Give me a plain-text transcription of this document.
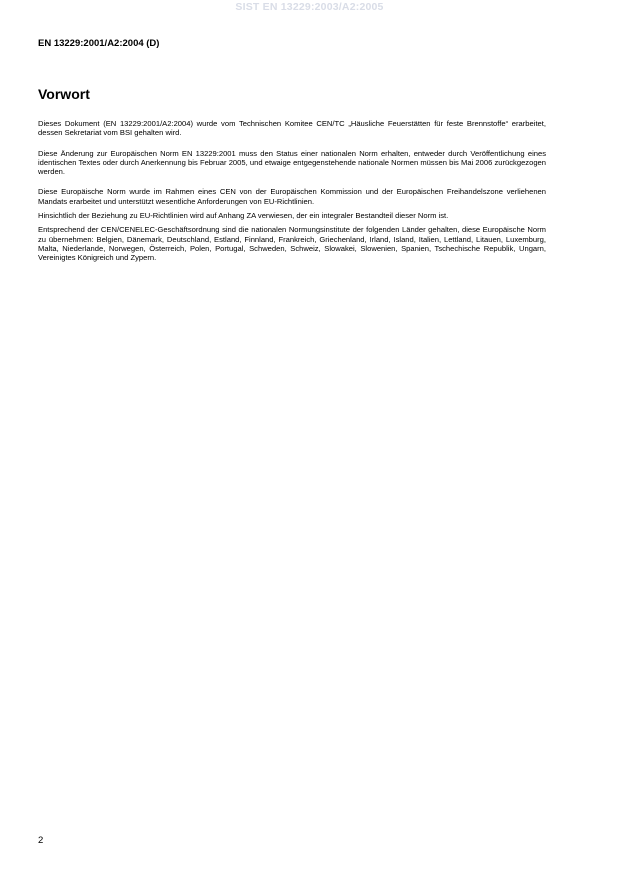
SIST EN 13229:2003/A2:2005
EN 13229:2001/A2:2004 (D)
Vorwort

Dieses Dokument (EN 13229:2001/A2:2004) wurde vom Technischen Komitee CEN/TC „Häusliche Feuerstätten für feste Brennstoffe“ erarbeitet, dessen Sekretariat vom BSI gehalten wird.

Diese Änderung zur Europäischen Norm EN 13229:2001 muss den Status einer nationalen Norm erhalten, entweder durch Veröffentlichung eines identischen Textes oder durch Anerkennung bis Februar 2005, und etwaige entgegenstehende nationale Normen müssen bis Mai 2006 zurückgezogen werden.

Diese Europäische Norm wurde im Rahmen eines CEN von der Europäischen Kommission und der Europäischen Freihandelszone verliehenen Mandats erarbeitet und unterstützt wesentliche Anforderungen von EU-Richtlinien.

Hinsichtlich der Beziehung zu EU-Richtlinien wird auf Anhang ZA verwiesen, der ein integraler Bestandteil dieser Norm ist.

Entsprechend der CEN/CENELEC-Geschäftsordnung sind die nationalen Normungsinstitute der folgenden Länder gehalten, diese Europäische Norm zu übernehmen: Belgien, Dänemark, Deutschland, Estland, Finnland, Frankreich, Griechenland, Irland, Island, Italien, Lettland, Litauen, Luxemburg, Malta, Niederlande, Norwegen, Österreich, Polen, Portugal, Schweden, Schweiz, Slowakei, Slowenien, Spanien, Tschechische Republik, Ungarn, Vereinigtes Königreich und Zypern.

2
